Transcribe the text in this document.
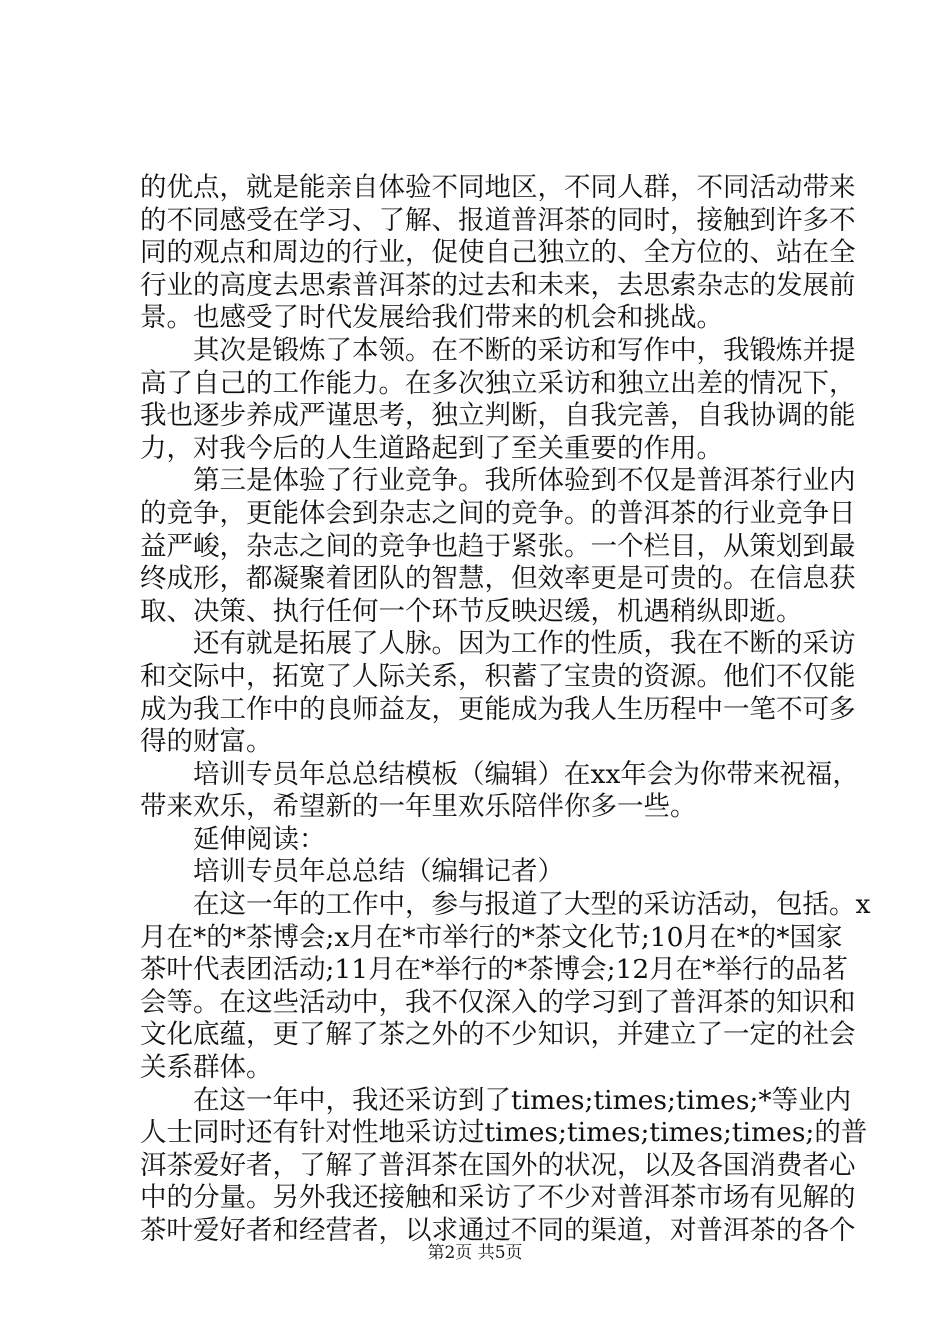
的优点，就是能亲自体验不同地区，不同人群，不同活动带来
的不同感受在学习、了解、报道普洱茶的同时，接触到许多不
同的观点和周边的行业，促使自己独立的、全方位的、站在全
行业的高度去思索普洱茶的过去和未来，去思索杂志的发展前
景。也感受了时代发展给我们带来的机会和挑战。
　　其次是锻炼了本领。在不断的采访和写作中，我锻炼并提
高了自己的工作能力。在多次独立采访和独立出差的情况下，
我也逐步养成严谨思考，独立判断，自我完善，自我协调的能
力，对我今后的人生道路起到了至关重要的作用。
　　第三是体验了行业竞争。我所体验到不仅是普洱茶行业内
的竞争，更能体会到杂志之间的竞争。的普洱茶的行业竞争日
益严峻，杂志之间的竞争也趋于紧张。一个栏目，从策划到最
终成形，都凝聚着团队的智慧，但效率更是可贵的。在信息获
取、决策、执行任何一个环节反映迟缓，机遇稍纵即逝。
　　还有就是拓展了人脉。因为工作的性质，我在不断的采访
和交际中，拓宽了人际关系，积蓄了宝贵的资源。他们不仅能
成为我工作中的良师益友，更能成为我人生历程中一笔不可多
得的财富。
　　培训专员年总总结模板（编辑）在xx年会为你带来祝福，
带来欢乐，希望新的一年里欢乐陪伴你多一些。
　　延伸阅读：
　　培训专员年总总结（编辑记者）
　　在这一年的工作中，参与报道了大型的采访活动，包括。x
月在*的*茶博会;x月在*市举行的*茶文化节;10月在*的*国家
茶叶代表团活动;11月在*举行的*茶博会;12月在*举行的品茗
会等。在这些活动中，我不仅深入的学习到了普洱茶的知识和
文化底蕴，更了解了茶之外的不少知识，并建立了一定的社会
关系群体。
　　在这一年中，我还采访到了times;times;times;*等业内
人士同时还有针对性地采访过times;times;times;times;的普
洱茶爱好者，了解了普洱茶在国外的状况，以及各国消费者心
中的分量。另外我还接触和采访了不少对普洱茶市场有见解的
茶叶爱好者和经营者，以求通过不同的渠道，对普洱茶的各个
第2页 共5页
